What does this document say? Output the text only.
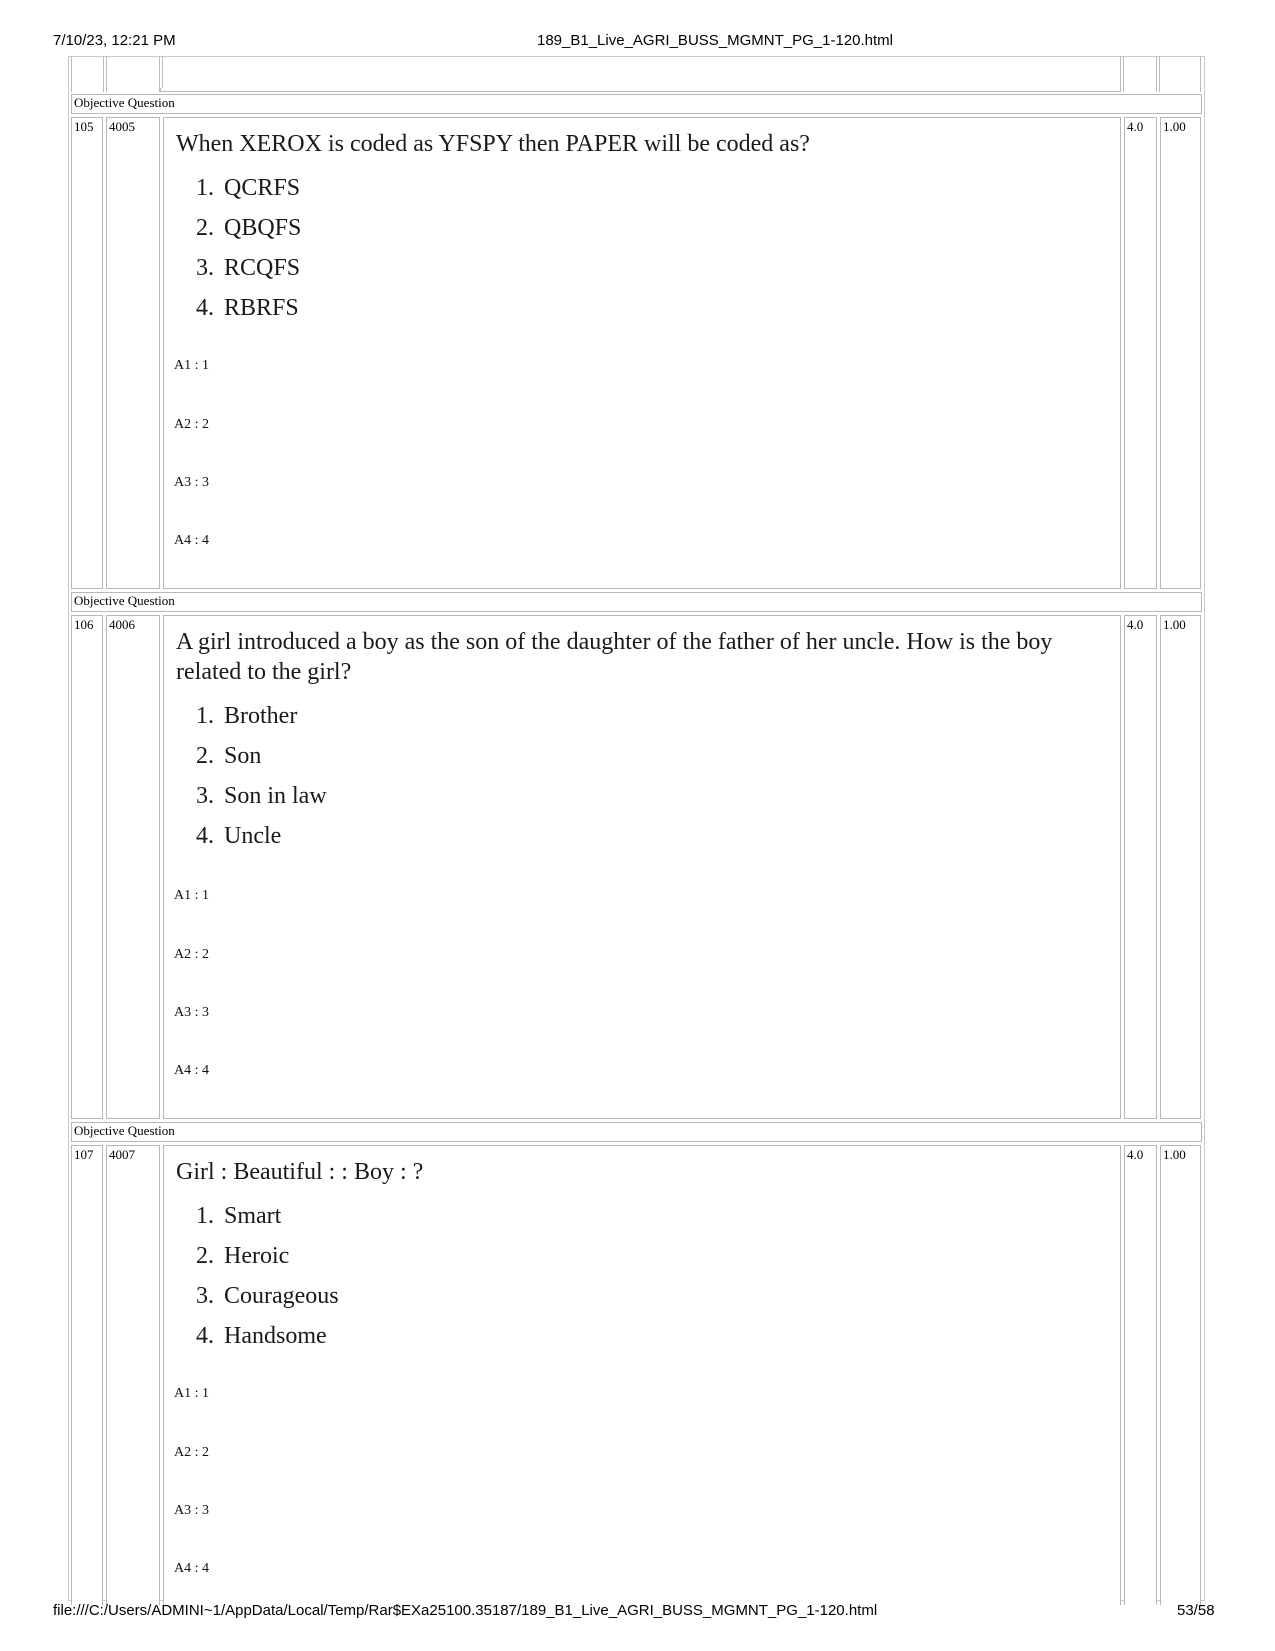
7/10/23, 12:21 PM	189_B1_Live_AGRI_BUSS_MGMNT_PG_1-120.html
Objective Question
105	4005
When XEROX is coded as YFSPY then PAPER will be coded as?
1. QCRFS
2. QBQFS
3. RCQFS
4. RBRFS
A1 : 1
A2 : 2
A3 : 3
A4 : 4
4.0	1.00
Objective Question
106	4006
A girl introduced a boy as the son of the daughter of the father of her uncle. How is the boy related to the girl?
1. Brother
2. Son
3. Son in law
4. Uncle
A1 : 1
A2 : 2
A3 : 3
A4 : 4
4.0	1.00
Objective Question
107	4007
Girl : Beautiful : : Boy : ?
1. Smart
2. Heroic
3. Courageous
4. Handsome
A1 : 1
A2 : 2
A3 : 3
A4 : 4
4.0	1.00
file:///C:/Users/ADMINI~1/AppData/Local/Temp/Rar$EXa25100.35187/189_B1_Live_AGRI_BUSS_MGMNT_PG_1-120.html	53/58
